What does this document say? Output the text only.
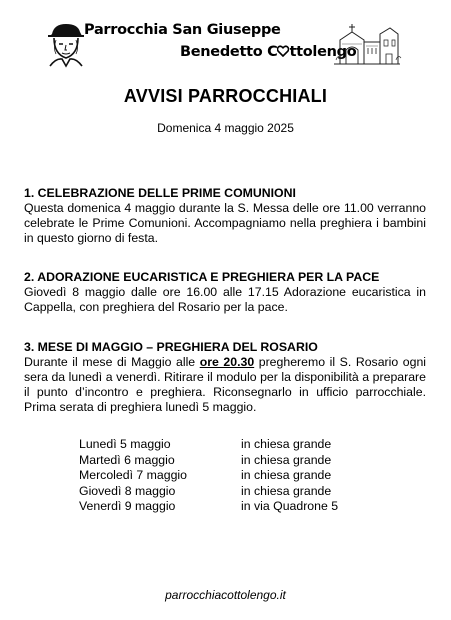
Parrocchia San Giuseppe
Benedetto C ttolengo
AVVISI PARROCCHIALI
Domenica 4 maggio 2025
1. CELEBRAZIONE DELLE PRIME COMUNIONI
Questa domenica 4 maggio durante la S. Messa delle ore 11.00 verranno celebrate le Prime Comunioni. Accompagniamo nella preghiera i bambini in questo giorno di festa.
2. ADORAZIONE EUCARISTICA E PREGHIERA PER LA PACE
Giovedì 8 maggio dalle ore 16.00 alle 17.15 Adorazione eucaristica in Cappella, con preghiera del Rosario per la pace.
3. MESE DI MAGGIO – PREGHIERA DEL ROSARIO
Durante il mese di Maggio alle ore 20.30 pregheremo il S. Rosario ogni sera da lunedì a venerdì. Ritirare il modulo per la disponibilità a preparare il punto d’incontro e preghiera. Riconsegnarlo in ufficio parrocchiale. Prima serata di preghiera lunedì 5 maggio.
Lunedì 5 maggio	in chiesa grande
Martedì 6 maggio	in chiesa grande
Mercoledì 7 maggio	in chiesa grande
Giovedì 8 maggio	in chiesa grande
Venerdì 9 maggio	in via Quadrone 5
parrocchiacottolengo.it
